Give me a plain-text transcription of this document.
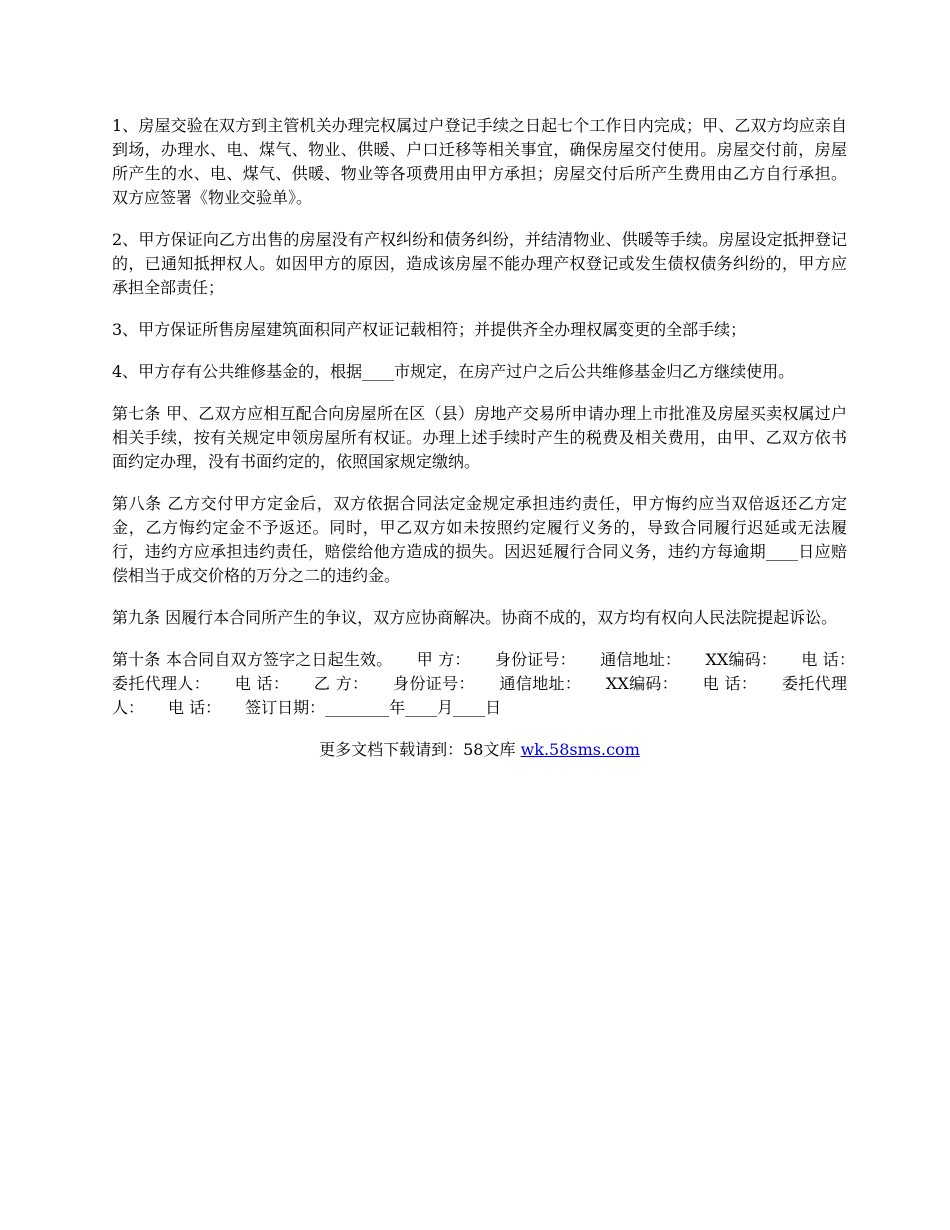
1、房屋交验在双方到主管机关办理完权属过户登记手续之日起七个工作日内完成；甲、乙双方均应亲自到场，办理水、电、煤气、物业、供暖、户口迁移等相关事宜，确保房屋交付使用。房屋交付前，房屋所产生的水、电、煤气、供暖、物业等各项费用由甲方承担；房屋交付后所产生费用由乙方自行承担。双方应签署《物业交验单》。

2、甲方保证向乙方出售的房屋没有产权纠纷和债务纠纷，并结清物业、供暖等手续。房屋设定抵押登记的，已通知抵押权人。如因甲方的原因，造成该房屋不能办理产权登记或发生债权债务纠纷的，甲方应承担全部责任；

3、甲方保证所售房屋建筑面积同产权证记载相符；并提供齐全办理权属变更的全部手续；

4、甲方存有公共维修基金的，根据____市规定，在房产过户之后公共维修基金归乙方继续使用。

第七条 甲、乙双方应相互配合向房屋所在区（县）房地产交易所申请办理上市批准及房屋买卖权属过户相关手续，按有关规定申领房屋所有权证。办理上述手续时产生的税费及相关费用，由甲、乙双方依书面约定办理，没有书面约定的，依照国家规定缴纳。

第八条 乙方交付甲方定金后，双方依据合同法定金规定承担违约责任，甲方悔约应当双倍返还乙方定金，乙方悔约定金不予返还。同时，甲乙双方如未按照约定履行义务的，导致合同履行迟延或无法履行，违约方应承担违约责任，赔偿给他方造成的损失。因迟延履行合同义务，违约方每逾期____日应赔偿相当于成交价格的万分之二的违约金。

第九条 因履行本合同所产生的争议，双方应协商解决。协商不成的，双方均有权向人民法院提起诉讼。

第十条 本合同自双方签字之日起生效。　　甲 方：　　身份证号：　　通信地址：　　XX编码：　　电 话：　　委托代理人：　　电 话：　　乙 方：　　身份证号：　　通信地址：　　XX编码：　　电 话：　　委托代理人：　　电 话：　　签订日期：________年____月____日

更多文档下载请到：58文库 wk.58sms.com
